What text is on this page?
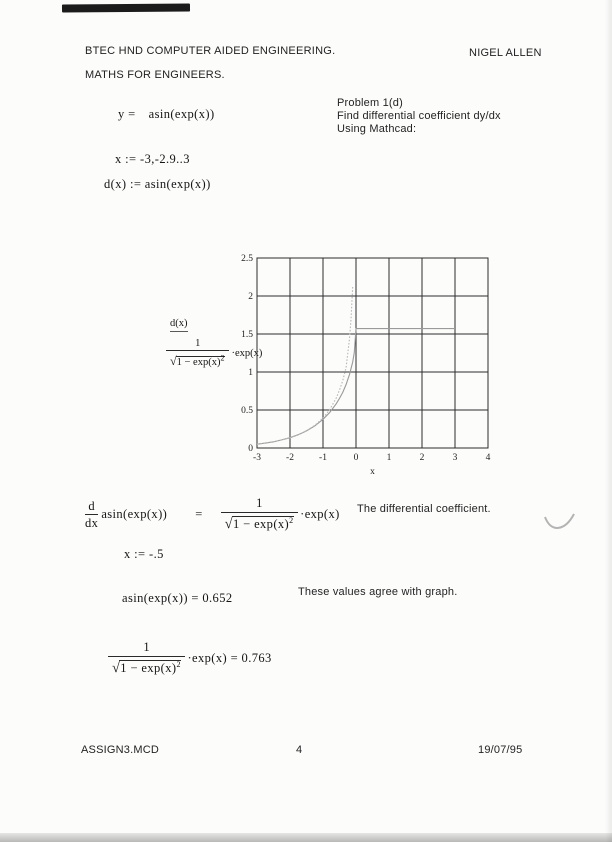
BTEC HND COMPUTER AIDED ENGINEERING.	NIGEL ALLEN
MATHS FOR ENGINEERS.
y = asin(exp(x))
Problem 1(d)
Find differential coefficient dy/dx
Using Mathcad:
x := -3,-2.9..3
d(x) := asin(exp(x))
d(x)
$\frac{1}{√1 - \exp(x)^2} \cdot\exp(x)$
0
0.5
1
1.5
2
2.5
-3	-2	-1	0	1	2	3	4
x
d
dx
$asin(\exp(x)) = \frac{1}{√1 - \exp(x)^2} \cdot\exp(x)$ The differential coefficient.
x := -.5
asin(exp(x)) = 0.652	These values agree with graph.
$\frac{1}{√1 - \exp(x)^2} \cdot\exp(x) = 0.763$
ASSIGN3.MCD	4	19/07/95
